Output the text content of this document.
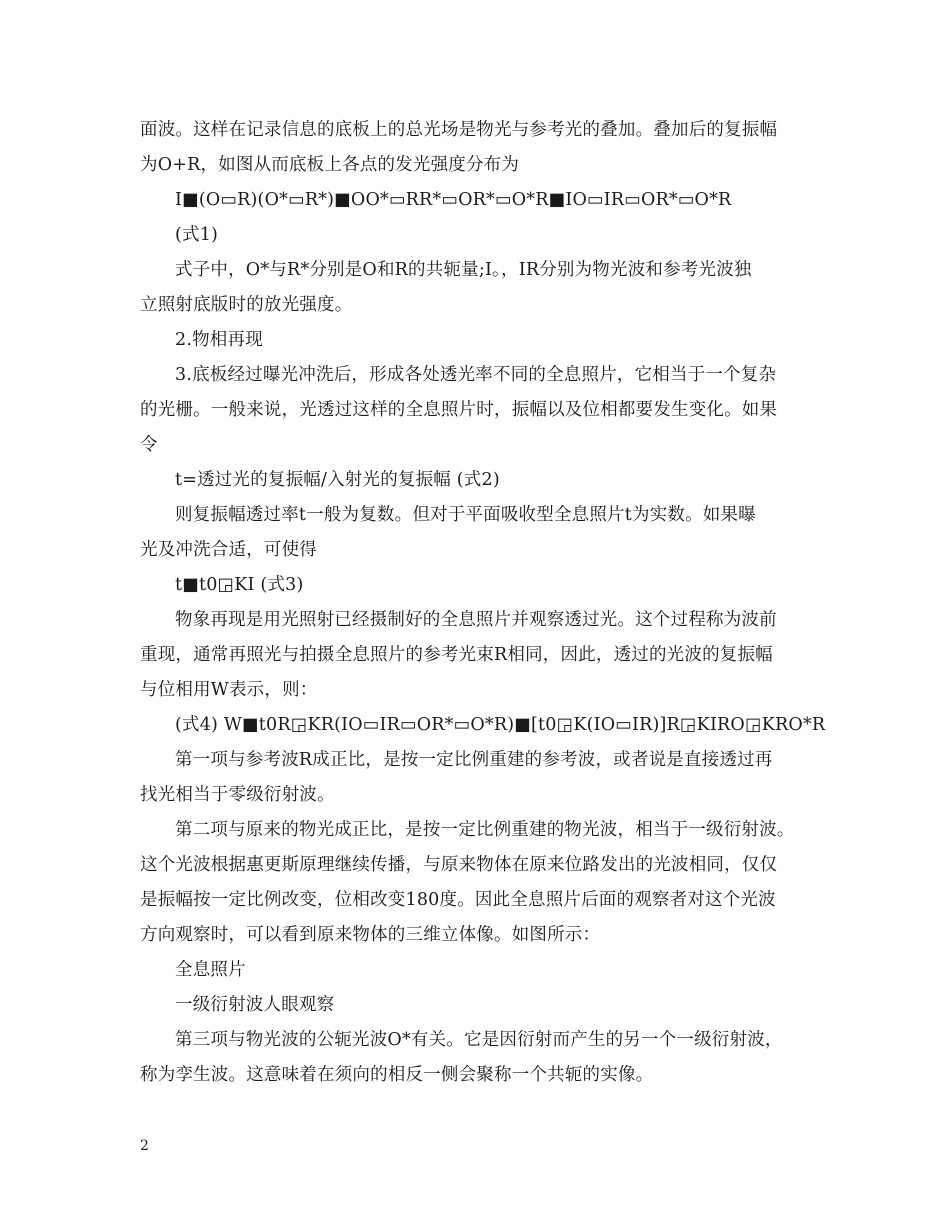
面波。这样在记录信息的底板上的总光场是物光与参考光的叠加。叠加后的复振幅
为O+R，如图从而底板上各点的发光强度分布为
I■(O▭R)(O*▭R*)■OO*▭RR*▭OR*▭O*R■IO▭IR▭OR*▭O*R
(式1)
式子中，O*与R*分别是O和R的共轭量;I。，IR分别为物光波和参考光波独
立照射底版时的放光强度。
2.物相再现
3.底板经过曝光冲洗后，形成各处透光率不同的全息照片，它相当于一个复杂
的光栅。一般来说，光透过这样的全息照片时，振幅以及位相都要发生变化。如果
令
t=透过光的复振幅/入射光的复振幅 (式2)
则复振幅透过率t一般为复数。但对于平面吸收型全息照片t为实数。如果曝
光及冲洗合适，可使得
t■t0◲KI (式3)
物象再现是用光照射已经摄制好的全息照片并观察透过光。这个过程称为波前
重现，通常再照光与拍摄全息照片的参考光束R相同，因此，透过的光波的复振幅
与位相用W表示，则：
(式4) W■t0R◲KR(IO▭IR▭OR*▭O*R)■[t0◲K(IO▭IR)]R◲KIRO◲KRO*R
第一项与参考波R成正比，是按一定比例重建的参考波，或者说是直接透过再
找光相当于零级衍射波。
第二项与原来的物光成正比，是按一定比例重建的物光波，相当于一级衍射波。
这个光波根据惠更斯原理继续传播，与原来物体在原来位路发出的光波相同，仅仅
是振幅按一定比例改变，位相改变180度。因此全息照片后面的观察者对这个光波
方向观察时，可以看到原来物体的三维立体像。如图所示：
全息照片
一级衍射波人眼观察
第三项与物光波的公轭光波O*有关。它是因衍射而产生的另一个一级衍射波，
称为孪生波。这意味着在须向的相反一侧会聚称一个共轭的实像。
2
